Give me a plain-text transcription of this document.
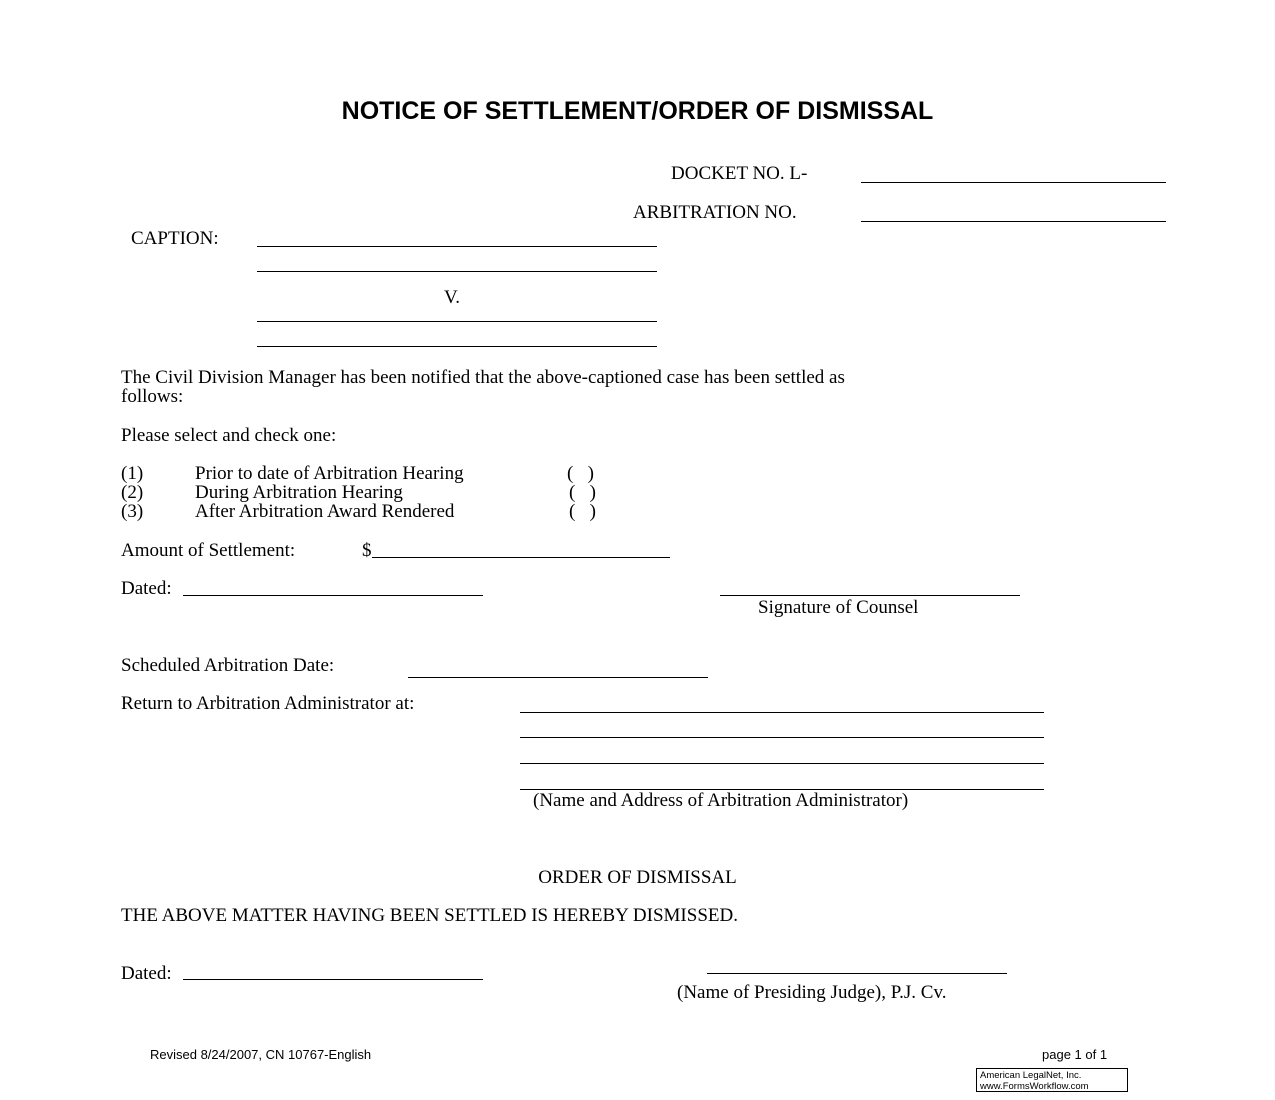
NOTICE OF SETTLEMENT/ORDER OF DISMISSAL
DOCKET NO. L-
ARBITRATION NO.
CAPTION:
V.
The Civil Division Manager has been notified that the above-captioned case has been settled as
follows:
Please select and check one:
(1)	Prior to date of Arbitration Hearing	(   )
(2)	During Arbitration Hearing	(   )
(3)	After Arbitration Award Rendered	(   )
Amount of Settlement:	$
Dated:
Signature of Counsel
Scheduled Arbitration Date:
Return to Arbitration Administrator at:
(Name and Address of Arbitration Administrator)
ORDER OF DISMISSAL
THE ABOVE MATTER HAVING BEEN SETTLED IS HEREBY DISMISSED.
Dated:
(Name of Presiding Judge), P.J. Cv.
Revised 8/24/2007, CN 10767-English	page 1 of 1
American LegalNet, Inc.
www.FormsWorkflow.com
